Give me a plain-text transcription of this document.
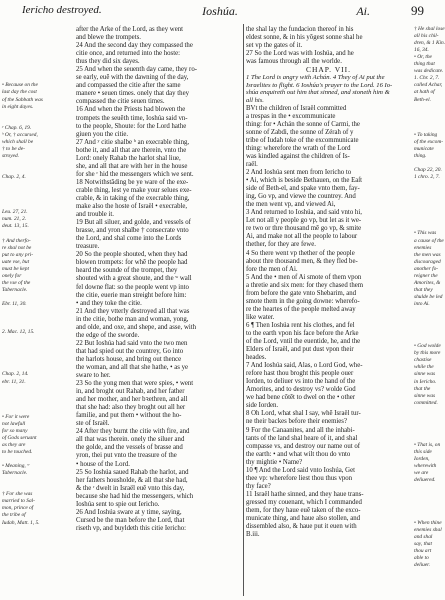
Iericho destroyed.	Ioshúa.	Ai.	99
• Because on the
last day the cost
of the Sabbath was
in eight dayes.
ʸ Chap. 6, 19.
ʰ Or, † accursed,
which shall be
† to be de-
stroyed.
Chap. 2, 4.
Leu. 27, 21.
num. 21, 2.
deut. 13, 15.
† And therfo-
re shal not be
put to any pri-
uate vse, but
must be kept
onely for
the vse of the
Tabernacle.
Ebr. 11, 30.
2. Mac. 12, 15.
Chap. 2, 14.
ebr. 11, 31.
• For it were
not lawfull
for so many
of Gods seruant
as they are
to be touched.
• Meaning, ʷ
Tabernacle.
† For she was
married to Sal-
mon, prince of
the tribe of
Iudah, Matt. 1, 5.
† He shal lose
all his chil-
dren, & 1 Kin.
16, 34.
• Or, the
thing that
was dedicate.
1. Chr. 2, 7.
called Achar,
at hath of
Beth-el.
• To taking
of the excom-
municate
thing.
Chap 22, 20.
1 chro. 2, 7.
• This was
a cause of the
enemies
the men was
discouraged
another fo-
reigner the
Amorites, &
that they
shulde be led
into Ai.
• God wolde
by this more
chastise
while the
sinne was
in Iericho.
that the
sinne was
committed.
• That is, on
this side
Iorden,
wherewith
we are
deliuered.
• When thine
enemies shal
and shal
say, that
thou art
able to
deliuer.

after the Arke of the Lord, as they went

and blewe the trompets.

24 And the second day they compassed the

citie once, and returned into the hoste:

thus they did six dayes.

25 And when the seuenth day came, they ro-

se early, euē with the dawning of the day,

and compassed the citie after the same

manere • seuen times. onely that day they

compassed the citie seuen times.

16 And when the Priests had blowen the

trompets the seuēth time, Ioshúa said vn-

to the people, Shoute: for the Lord hathe

giuen you the citie.

27 And ʸ citie shalbe ʰ an execrable thing,

bothe it, and all that are therein, vnto the

Lord: onely Rahab the harlot shal liue,

she, and all that are with her in the house

for she ʳ hid the messengers which we sent.

18 Notwithstāding be ye ware of the exe-

crable thing, lest ye make your selues exe-

crable, & in taking of the execrable thing,

make also the hoste of Israël • execrable,

and trouble it.

19 But all siluer, and golde, and vessels of

brasse, and yron shalbe † consecrate vnto

the Lord, and shal come into the Lords

treasure.

20 So the people shouted, when they had

blowen trompets: for whē the people had

heard the sounde of the trompet, they

shouted with a great shoute, and the ʷ wall

fel downe flat: so the people went vp into

the citie, euerie man streight before him:

• and they toke the citie.

21 And they vtterly destroyed all that was

in the citie, bothe man and woman, yong,

and olde, and oxe, and shepe, and asse, with

the edge of the sworde.

22 But Ioshúa had said vnto the two men

that had spied out the countrey, Go into

the harlots house, and bring out thence

the woman, and all that she hathe, • as ye

sware to her.

23 So the yong men that were spies, • went

in, and broght out Rahab, and her father

and her mother, and her bꝛethren, and all

that she had: also they broght out all her

familie, and put them • without the ho-

ste of Israël.

24 After they burnt the citie with fire, and

all that was therein. onely the siluer and

the golde, and the vessels of brasse and

yron, thei put vnto the treasure of the

• house of the Lord.

25 So Ioshúa saued Rahab the harlot, and

her fathers housholde, & all that she had,

& the ʳ dwelt in Israël euē vnto this day,

because she had hid the messengers, which

Ioshúa sent to spie out Iericho.

26 And Ioshúa sware at y time, saying,

Cursed be the man before the Lord, that

riseth vp, and buyldeth this citie Iericho:

the shal lay the fundacion thereof in his

eldest sonne, & in his yōgest sonne shal he

set vp the gates of it.

27 So the Lord was with Ioshúa, and he

was famous through all the worlde.

CHAP. VII.

1 The Lord is angry with Achán. 4 They of Ai put the

Israelites to flight. 6 Ioshúa's prayer to the Lord. 16 Io-

shúa enquireth out him that sinned, and stoneth him &

all his.

BVt the children of Israël committed

a trespas in the • excommunicate

thing: for • Achán the sonne of Carmi, the

sonne of Zabdi, the sonne of Zérah of y

tribe of Iudah toke of the excommunicate

thing: wherefore the wrath of the Lord

was kindled against the children of Is-

raël.

2 And Ioshúa sent men from Iericho to

• Ai, which is beside Bethauen, on the Eaſt

side of Beth-el, and spake vnto them, fay-

ing, Go vp, and viewe the countrey. And

the men went vp, and viewed Ai,

3 And returned to Ioshúa, and said vnto hi,

Let not all y people go vp, but let as it we-

re two or thre thousand mē go vp, & smite

Ai, and make not all the people to labour

thether, for they are fewe.

4 So there went vp thether of the people

about thre thousand men, & they fled be-

fore the men of Ai.

5 And the • men of Ai smote of them vpon

a thretie and six men: for they chased them

from before the gate vnto Shebarim, and

smote them in the going downe: wherefo-

re the heartes of the people melted away

like water.

6 ¶ Then Ioshúa rent his clothes, and fel

to the earth vpon his face before the Arke

of the Lord, vntil the euentide, he, and the

Elders of Israël, and put dust vpon their

heades.

7 And Ioshúa said, Alas, o Lord God, whe-

refore hast thou broght this people ouer

Iorden, to deliuer vs into the hand of the

Amorites, and to destroy vs? wolde God

we had bene cōtēt to dwel on the • other

side Iorden.

8 Oh Lord, what shal I say, whē Israël tur-

ne their backes before their enemies?

9 For the Canaanites, and all the inhabi-

tants of the land shal heare of it, and shal

compasse vs, and destroy our name out of

the earth: • and what wilt thou do vnto

thy mightie • Name?

10 ¶ And the Lord said vnto Ioshúa, Get

thee vp: wherefore liest thou thus vpon

thy face?

11 Israël hathe sinned, and they haue trans-

gressed my couenant, which I commanded

them, for they haue euē taken of the exco-

municate thing, and haue also stollen, and

dissembled also, & haue put it euen with

B.iii.
